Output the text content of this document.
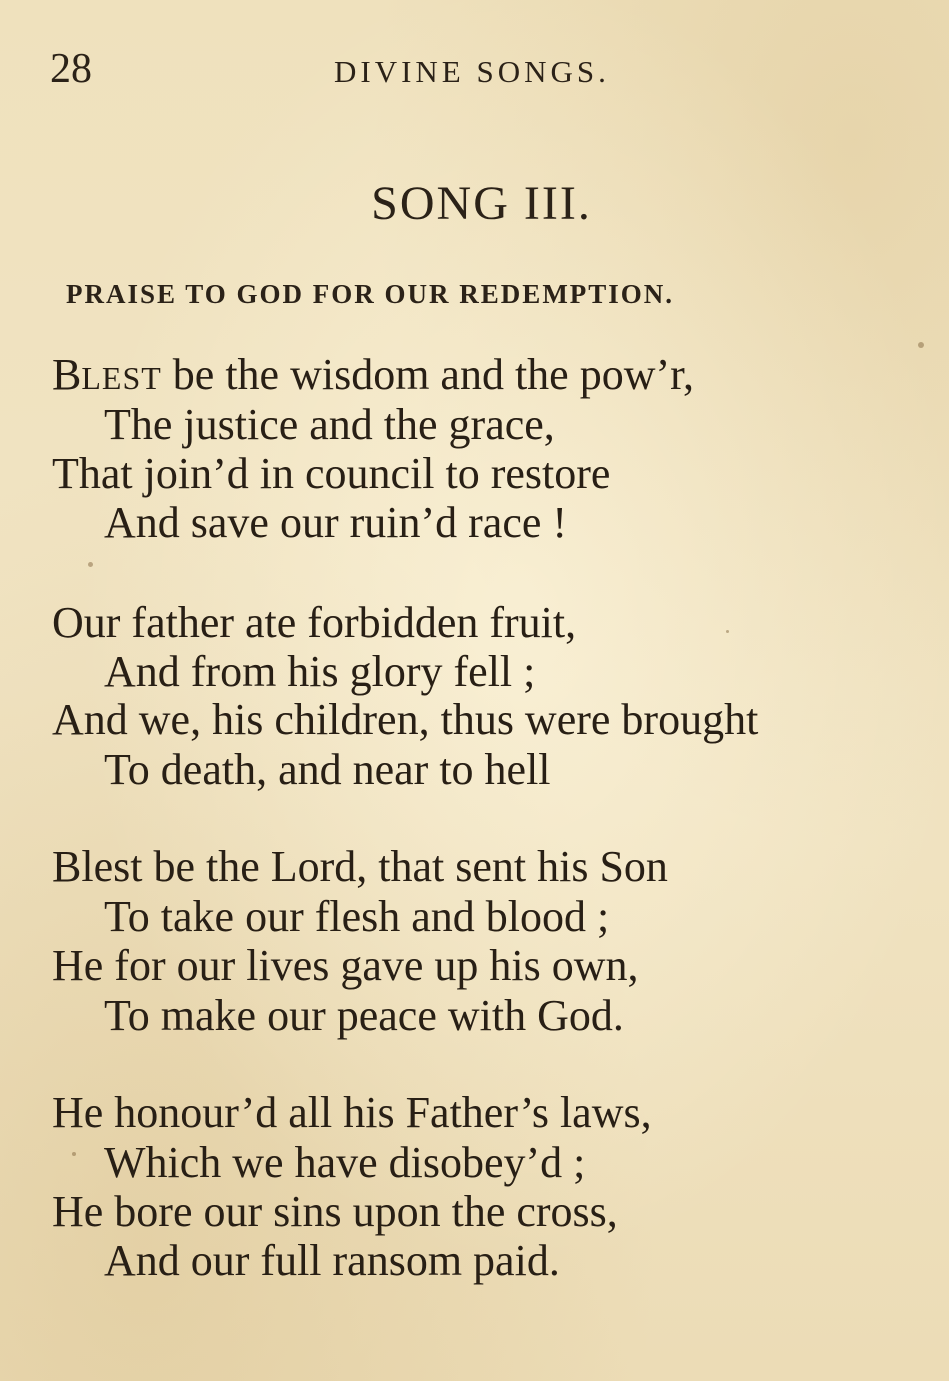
28	DIVINE SONGS.
SONG III.
PRAISE TO GOD FOR OUR REDEMPTION.
BLEST be the wisdom and the pow’r,
The justice and the grace,
That join’d in council to restore
And save our ruin’d race !
Our father ate forbidden fruit,
And from his glory fell ;
And we, his children, thus were brought
To death, and near to hell
Blest be the Lord, that sent his Son
To take our flesh and blood ;
He for our lives gave up his own,
To make our peace with God.
He honour’d all his Father’s laws,
Which we have disobey’d ;
He bore our sins upon the cross,
And our full ransom paid.
